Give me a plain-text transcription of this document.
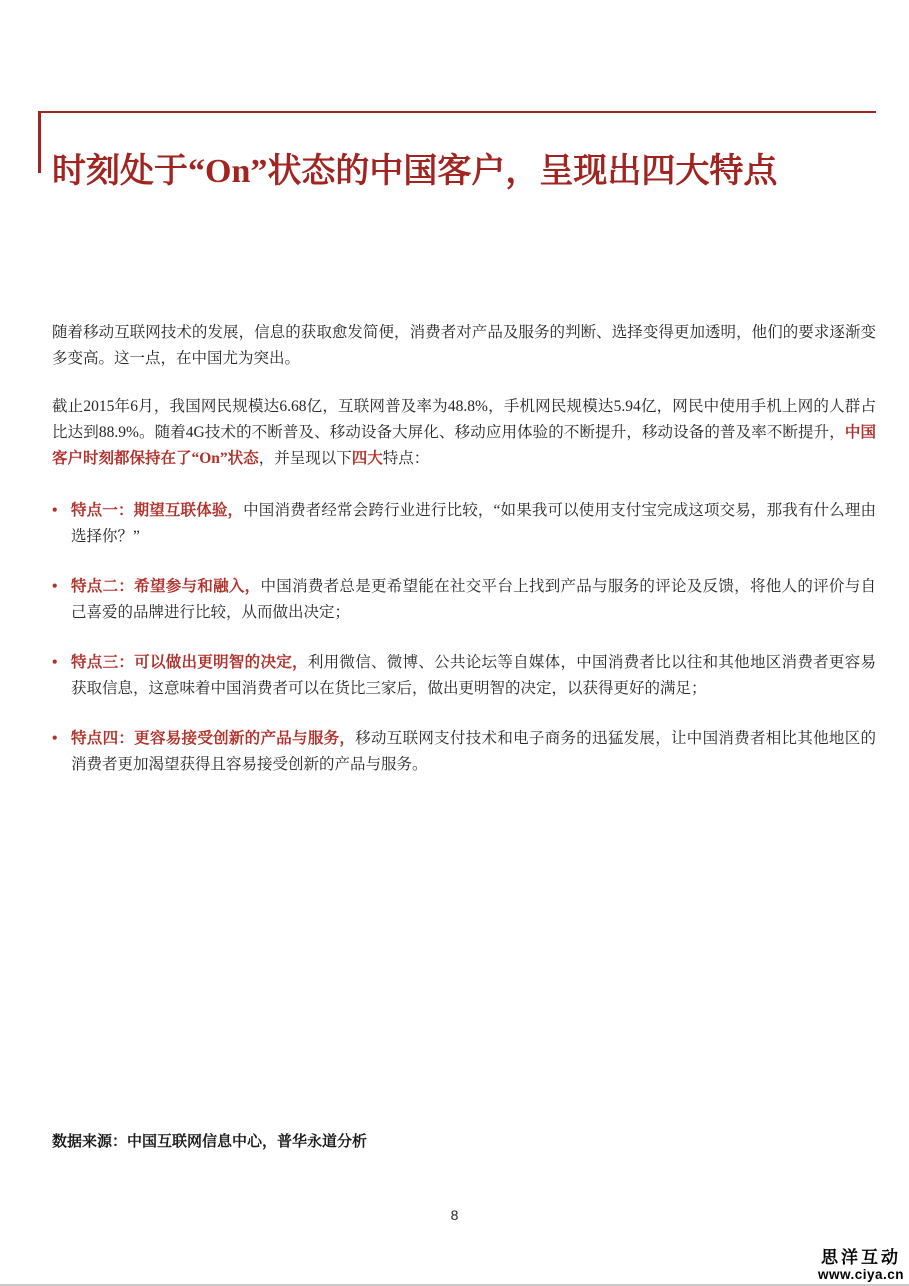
时刻处于“On”状态的中国客户，呈现出四大特点

随着移动互联网技术的发展，信息的获取愈发简便，消费者对产品及服务的判断、选择变得更加透明，他们的要求逐渐变多变高。这一点，在中国尤为突出。

截止2015年6月，我国网民规模达6.68亿，互联网普及率为48.8%，手机网民规模达5.94亿，网民中使用手机上网的人群占比达到88.9%。随着4G技术的不断普及、移动设备大屏化、移动应用体验的不断提升，移动设备的普及率不断提升，中国客户时刻都保持在了“On”状态，并呈现以下四大特点：

• 特点一：期望互联体验，中国消费者经常会跨行业进行比较，“如果我可以使用支付宝完成这项交易，那我有什么理由选择你？”
• 特点二：希望参与和融入，中国消费者总是更希望能在社交平台上找到产品与服务的评论及反馈，将他人的评价与自己喜爱的品牌进行比较，从而做出决定；
• 特点三：可以做出更明智的决定，利用微信、微博、公共论坛等自媒体，中国消费者比以往和其他地区消费者更容易获取信息，这意味着中国消费者可以在货比三家后，做出更明智的决定，以获得更好的满足；
• 特点四：更容易接受创新的产品与服务，移动互联网支付技术和电子商务的迅猛发展，让中国消费者相比其他地区的消费者更加渴望获得且容易接受创新的产品与服务。
数据来源：中国互联网信息中心，普华永道分析
8
思洋互动
www.ciya.cn
